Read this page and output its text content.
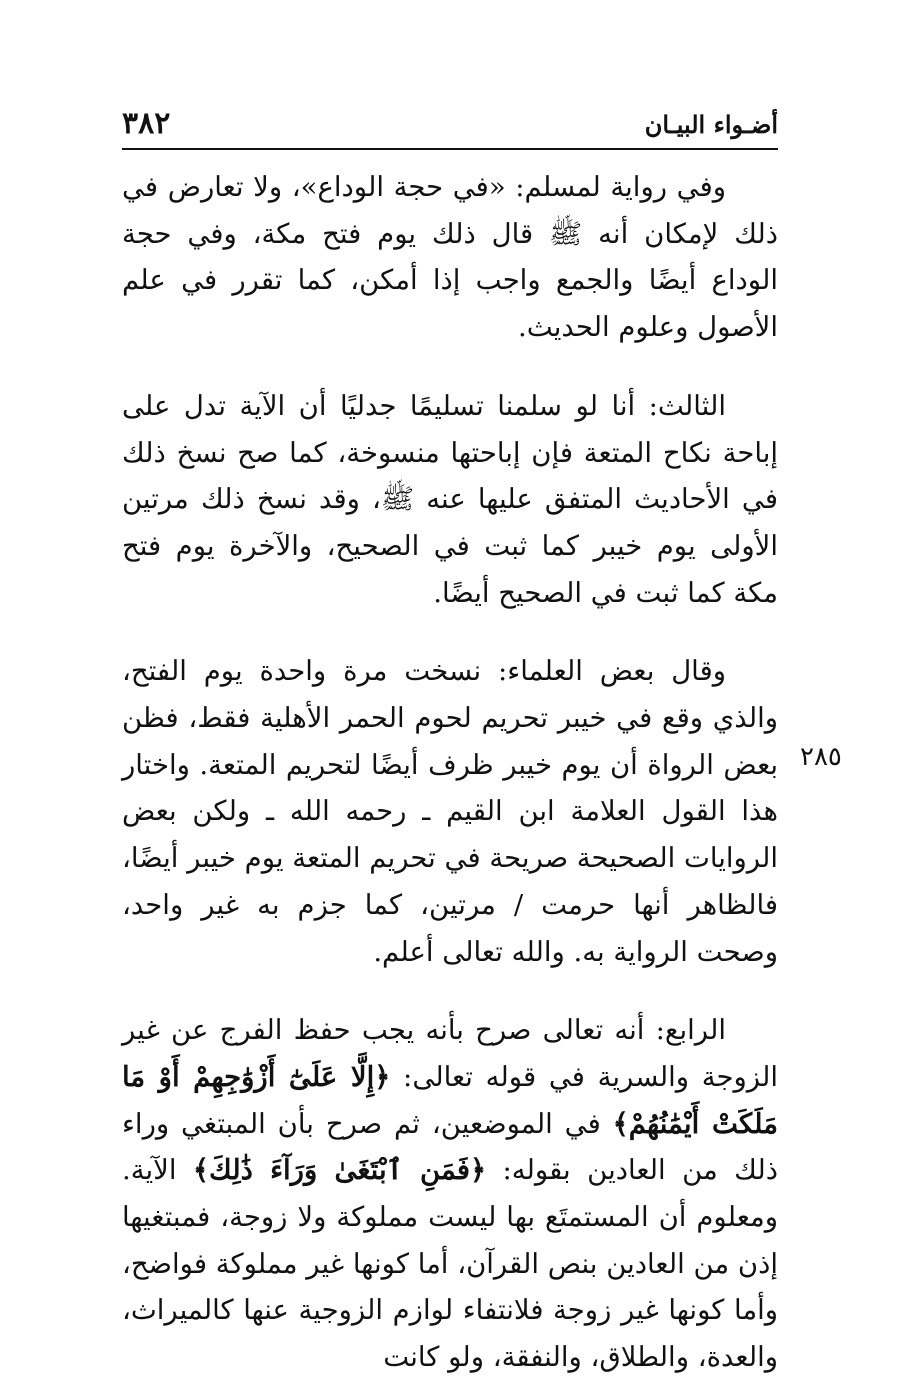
٣٨٢	أضـواء البيـان

وفي رواية لمسلم: «في حجة الوداع»، ولا تعارض في ذلك لإمكان أنه ﷺ قال ذلك يوم فتح مكة، وفي حجة الوداع أيضًا والجمع واجب إذا أمكن، كما تقرر في علم الأصول وعلوم الحديث.

الثالث: أنا لو سلمنا تسليمًا جدليًا أن الآية تدل على إباحة نكاح المتعة فإن إباحتها منسوخة، كما صح نسخ ذلك في الأحاديث المتفق عليها عنه ﷺ، وقد نسخ ذلك مرتين الأولى يوم خيبر كما ثبت في الصحيح، والآخرة يوم فتح مكة كما ثبت في الصحيح أيضًا.

وقال بعض العلماء: نسخت مرة واحدة يوم الفتح، والذي وقع في خيبر تحريم لحوم الحمر الأهلية فقط، فظن بعض الرواة أن يوم خيبر ظرف أيضًا لتحريم المتعة. واختار هذا القول العلامة ابن القيم ـ رحمه الله ـ ولكن بعض الروايات الصحيحة صريحة في تحريم المتعة يوم خيبر أيضًا، فالظاهر أنها حرمت / مرتين، كما جزم به غير واحد، وصحت الرواية به. والله تعالى أعلم.

الرابع: أنه تعالى صرح بأنه يجب حفظ الفرج عن غير الزوجة والسرية في قوله تعالى: ﴿إِلَّا عَلَىٰٓ أَزْوَٰجِهِمْ أَوْ مَا مَلَكَتْ أَيْمَٰنُهُمْ﴾ في الموضعين، ثم صرح بأن المبتغي وراء ذلك من العادين بقوله: ﴿فَمَنِ ٱبْتَغَىٰ وَرَآءَ ذَٰلِكَ﴾ الآية. ومعلوم أن المستمتَع بها ليست مملوكة ولا زوجة، فمبتغيها إذن من العادين بنص القرآن، أما كونها غير مملوكة فواضح، وأما كونها غير زوجة فلانتفاء لوازم الزوجية عنها كالميراث، والعدة، والطلاق، والنفقة، ولو كانت

٢٨٥
